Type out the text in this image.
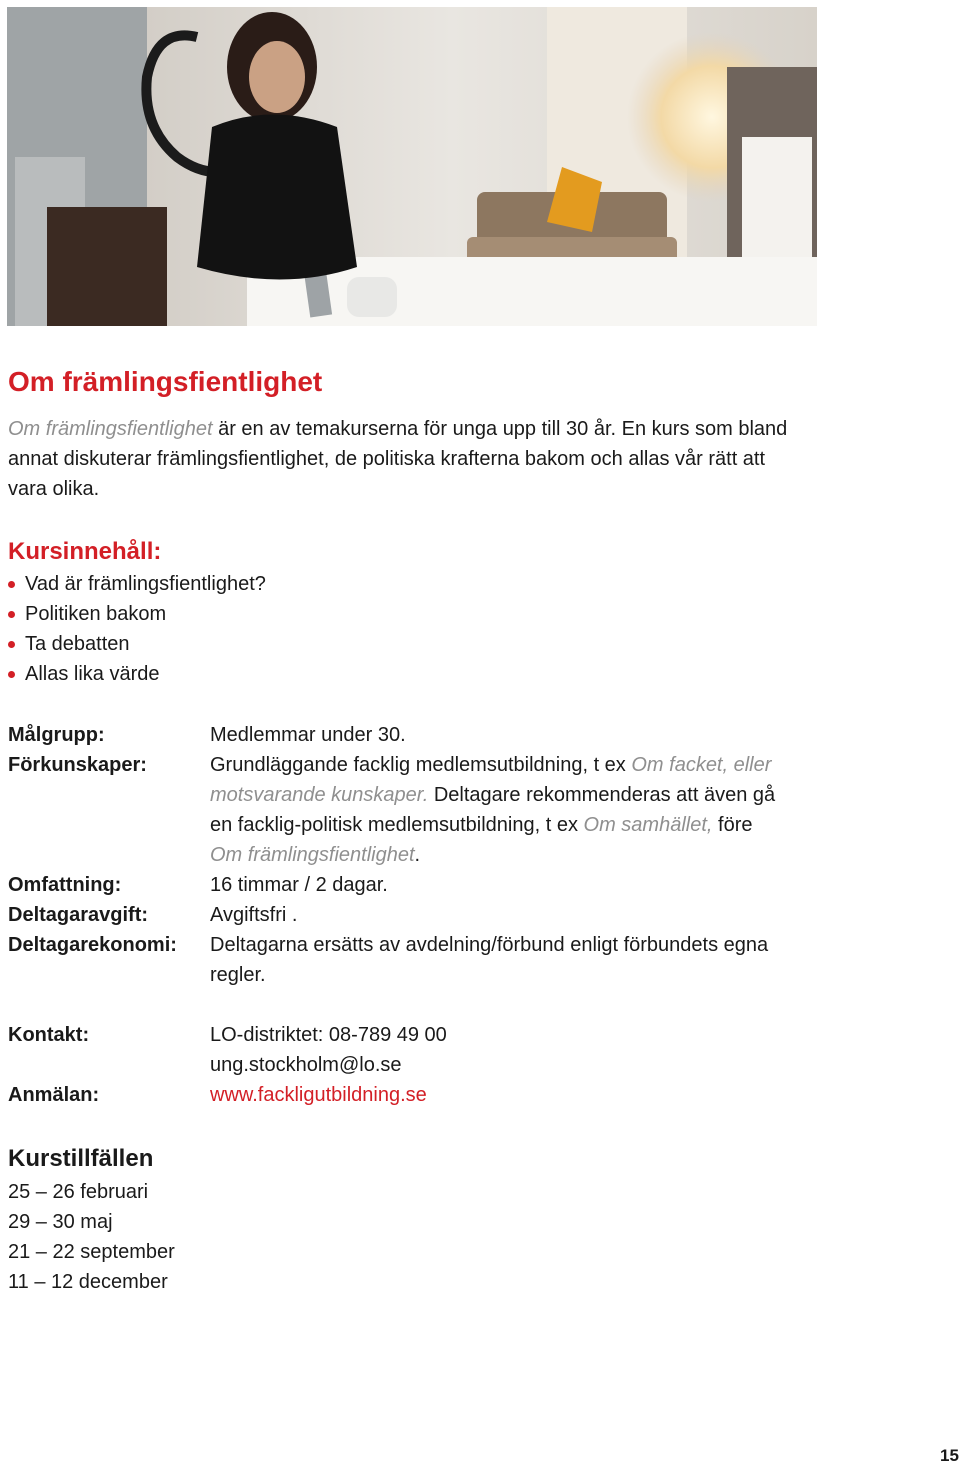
Om främlingsfientlighet

Om främlingsfientlighet är en av temakurserna för unga upp till 30 år. En kurs som bland annat diskuterar främlingsfientlighet, de politiska krafterna bakom och allas vår rätt att vara olika.

Kursinnehåll:
Vad är främlingsfientlighet?
Politiken bakom
Ta debatten
Allas lika värde
Målgrupp:	Medlemmar under 30.
Förkunskaper:	Grundläggande facklig medlemsutbildning, t ex Om facket, eller motsvarande kunskaper. Deltagare rekommenderas att även gå en facklig-politisk medlemsutbildning, t ex Om samhället, före Om främlingsfientlighet.
Omfattning:	16 timmar / 2 dagar.
Deltagaravgift:	Avgiftsfri .
Deltagarekonomi:	Deltagarna ersätts av avdelning/förbund enligt förbundets egna regler.
Kontakt:	LO-distriktet: 08-789 49 00
ung.stockholm@lo.se
Anmälan:	www.fackligutbildning.se
Kurstillfällen
25 – 26 februari
29 – 30 maj
21 – 22 september
11 – 12 december
15
